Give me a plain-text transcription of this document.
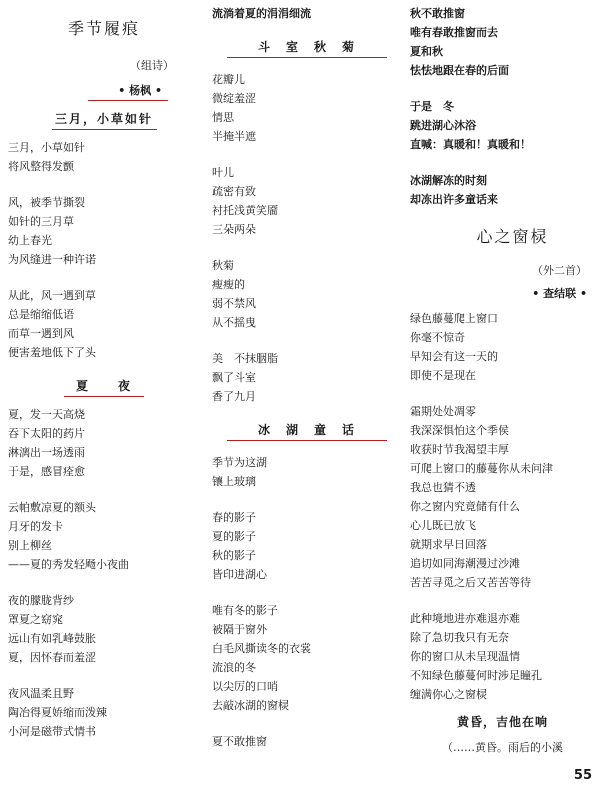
季节履痕
（组诗）
• 杨枫 •
三月，小草如针
三月，小草如针
将风整得发颤
风，被季节撕裂
如针的三月草
幼上春光
为风缝进一种许诺
从此，风一遇到草
总是缩缩低语
而草一遇到风
便害羞地低下了头
夏　　夜
夏，发一天高烧
吞下太阳的药片
淋漓出一场透雨
于是，感冒痊愈
云帕敷凉夏的额头
月牙的发卡
别上柳丝
——夏的秀发轻飏小夜曲
夜的朦胧背纱
罩夏之窈窕
远山有如乳峰鼓胀
夏，因怀春而羞涩
夜风温柔且野
陶冶得夏娇缩而泼辣
小河是磁带式情书
流淌着夏的涓涓细流
斗　室　秋　菊
花瓣儿
微绽羞涩
情思
半掩半遮
叶儿
疏密有致
衬托浅黄笑靥
三朵两朵
秋菊
瘦瘦的
弱不禁风
从不摇曳
美　不抹胭脂
飘了斗室
香了九月
冰　湖　童　话
季节为这湖
镶上玻璃
春的影子
夏的影子
秋的影子
皆印进湖心
唯有冬的影子
被隔于窗外
白毛风撕读冬的衣裳
流浪的冬
以尖厉的口哨
去敲冰湖的窗棂
夏不敢推窗
秋不敢推窗
唯有春敢推窗而去
夏和秋
怯怯地跟在春的后面
于是　冬
跳进湖心沐浴
直喊：真暖和！真暖和！
冰湖解冻的时刻
却冻出许多童话来
心之窗棂
（外二首）
• 查结联 •
绿色藤蔓爬上窗口
你毫不惊奇
早知会有这一天的
即使不是现在
霜期处处凋零
我深深惧怕这个季侯
收获时节我渴望丰厚
可爬上窗口的藤蔓你从未问津
我总也猜不透
你之窗内究竟储有什么
心儿既已放飞
就期求早日回落
追切如同海潮漫过沙滩
苦苦寻觅之后又苦苦等待
此种境地进亦难退亦难
除了急切我只有无奈
你的窗口从未呈现温情
不知绿色藤蔓何时涉足瞳孔
缠满你心之窗棂
黄昏，吉他在响
（……黄昏。雨后的小溪
55
